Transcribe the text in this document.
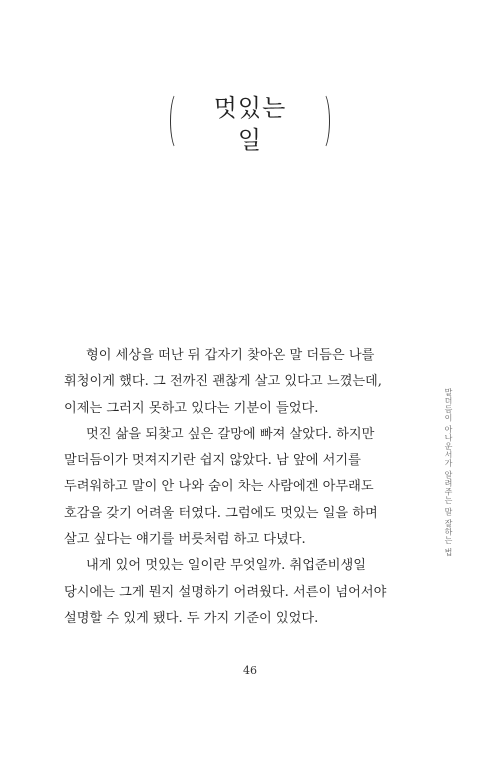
멋있는
일
형이 세상을 떠난 뒤 갑자기 찾아온 말 더듬은 나를
휘청이게 했다. 그 전까진 괜찮게 살고 있다고 느꼈는데,
이제는 그러지 못하고 있다는 기분이 들었다.
멋진 삶을 되찾고 싶은 갈망에 빠져 살았다. 하지만
말더듬이가 멋져지기란 쉽지 않았다. 남 앞에 서기를
두려워하고 말이 안 나와 숨이 차는 사람에겐 아무래도
호감을 갖기 어려울 터였다. 그럼에도 멋있는 일을 하며
살고 싶다는 얘기를 버릇처럼 하고 다녔다.
내게 있어 멋있는 일이란 무엇일까. 취업준비생일
당시에는 그게 뭔지 설명하기 어려웠다. 서른이 넘어서야
설명할 수 있게 됐다. 두 가지 기준이 있었다.
말더듬이 아나운서가 알려주는 말 잘하는 법
46
